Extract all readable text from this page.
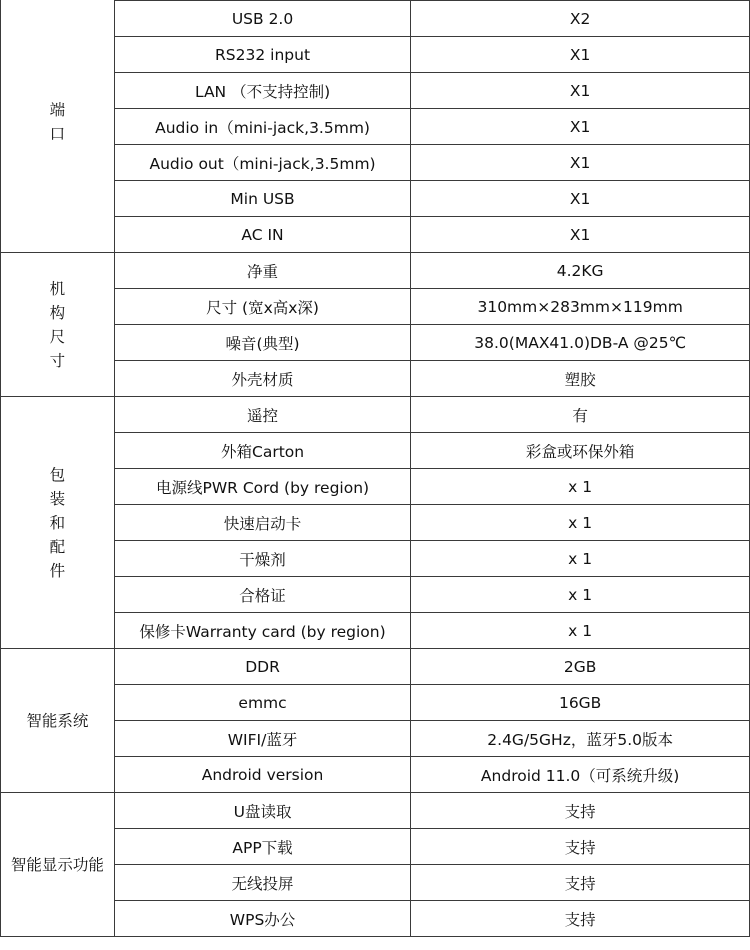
端口		
	USB 2.0	X2
	RS232 input	X1
	LAN （不支持控制)	X1
	Audio in（mini-jack,3.5mm)	X1
	Audio out（mini-jack,3.5mm)	X1
	Min USB	X1
	AC IN	X1
机构尺寸	净重	4.2KG
	尺寸 (宽x高x深)	310mm×283mm×119mm
	噪音(典型)	38.0(MAX41.0)DB-A @25℃
	外壳材质	塑胶
包装和配件	遥控	有
	外箱Carton	彩盒或环保外箱
	电源线PWR Cord (by region)	x 1
	快速启动卡	x 1
	干燥剂	x 1
	合格证	x 1
	保修卡Warranty card (by region)	x 1
智能系统	DDR	2GB
	emmc	16GB
	WIFI/蓝牙	2.4G/5GHz，蓝牙5.0版本
	Android version	Android 11.0（可系统升级)
智能显示功能	U盘读取	支持
	APP下载	支持
	无线投屏	支持
	WPS办公	支持
